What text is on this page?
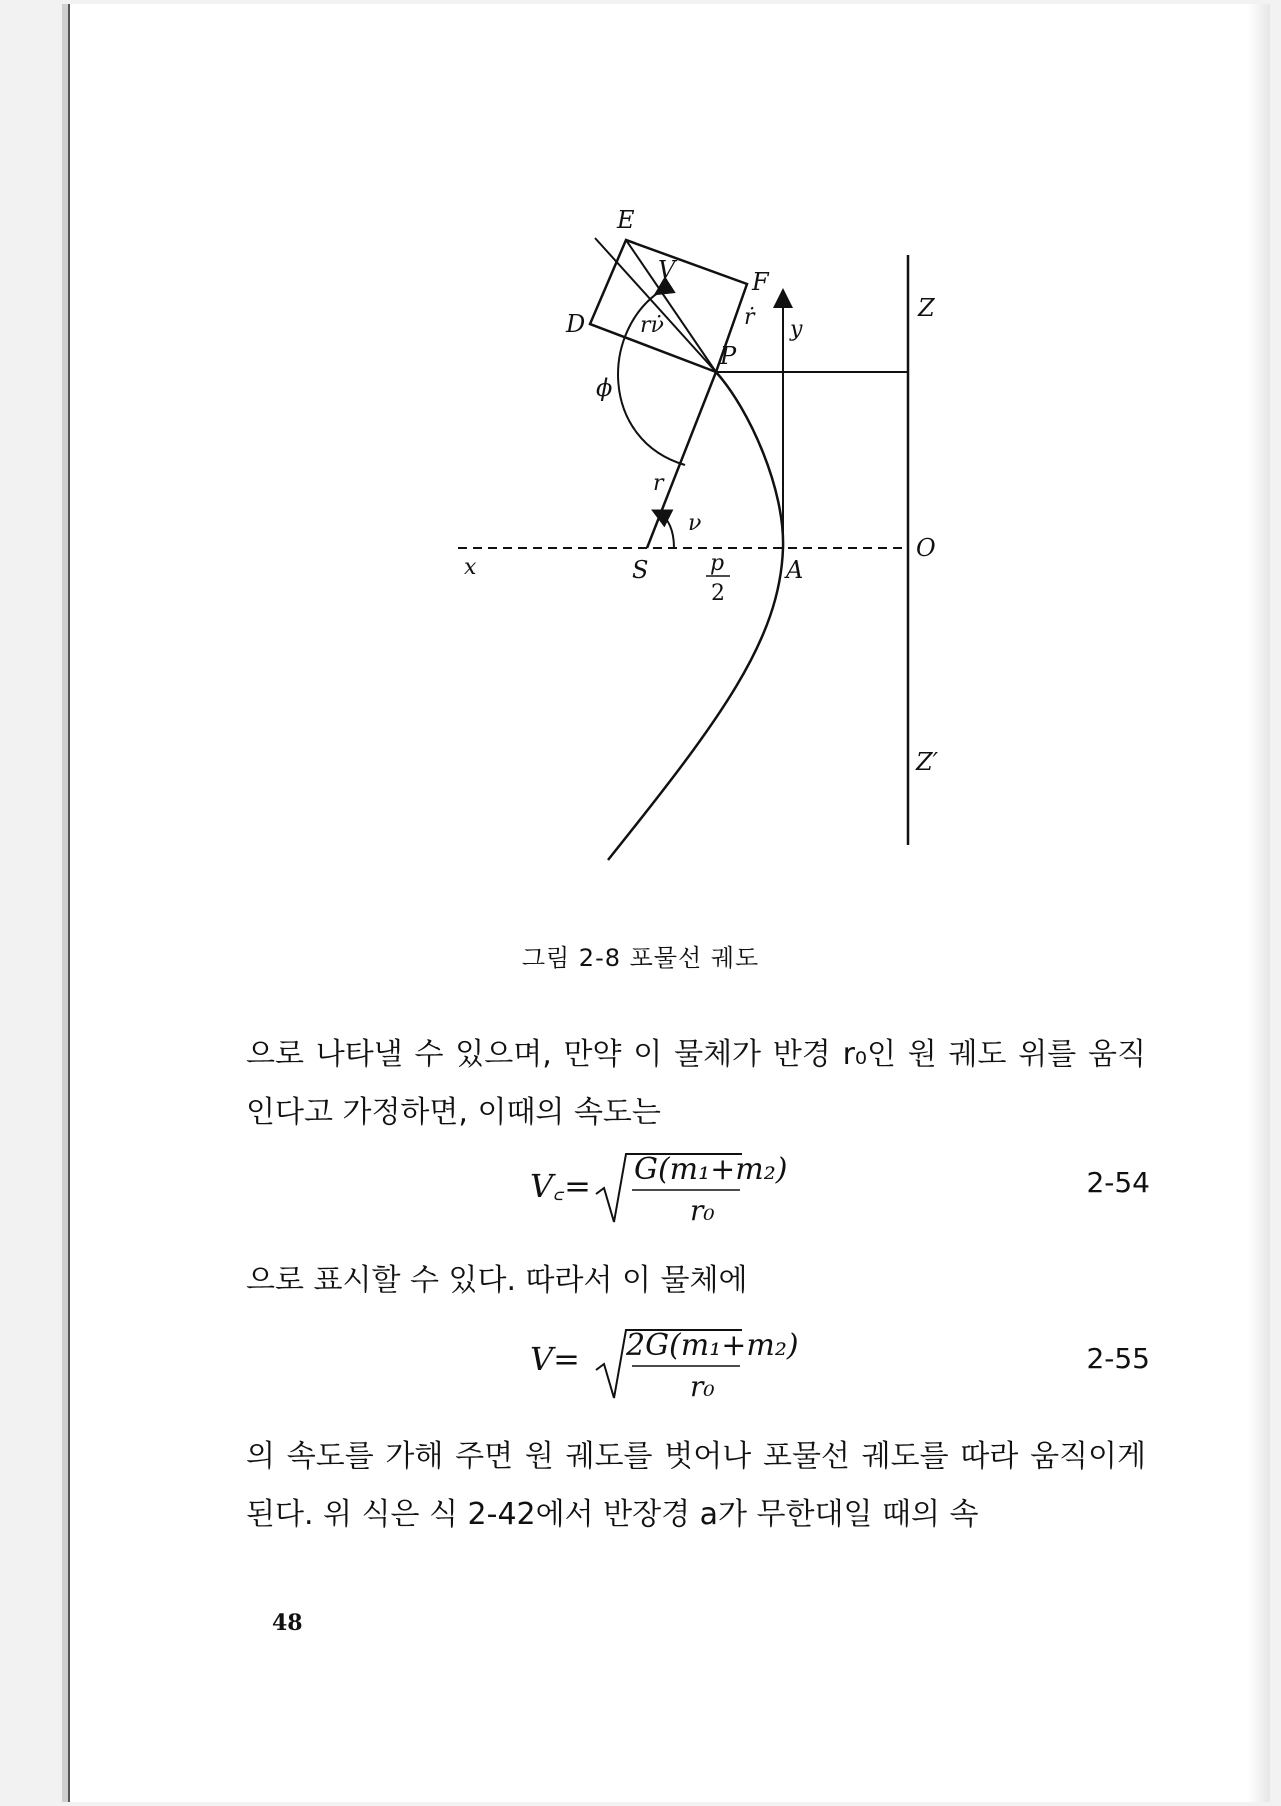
E
V	F
D rν̇	ṙ y
P
Z
ϕ
r
ν
x	S	p
2
A
O
Z′
그림 2-8 포물선 궤도
으로 나타낼 수 있으며, 만약 이 물체가 반경 r₀인 원 궤도 위를 움직인다고 가정하면, 이때의 속도는
V꜀= G(m₁+m₂)
r₀
2-54
으로 표시할 수 있다. 따라서 이 물체에
V= 2G(m₁+m₂)
r₀
2-55
의 속도를 가해 주면 원 궤도를 벗어나 포물선 궤도를 따라 움직이게 된다. 위 식은 식 2-42에서 반장경 a가 무한대일 때의 속
48
